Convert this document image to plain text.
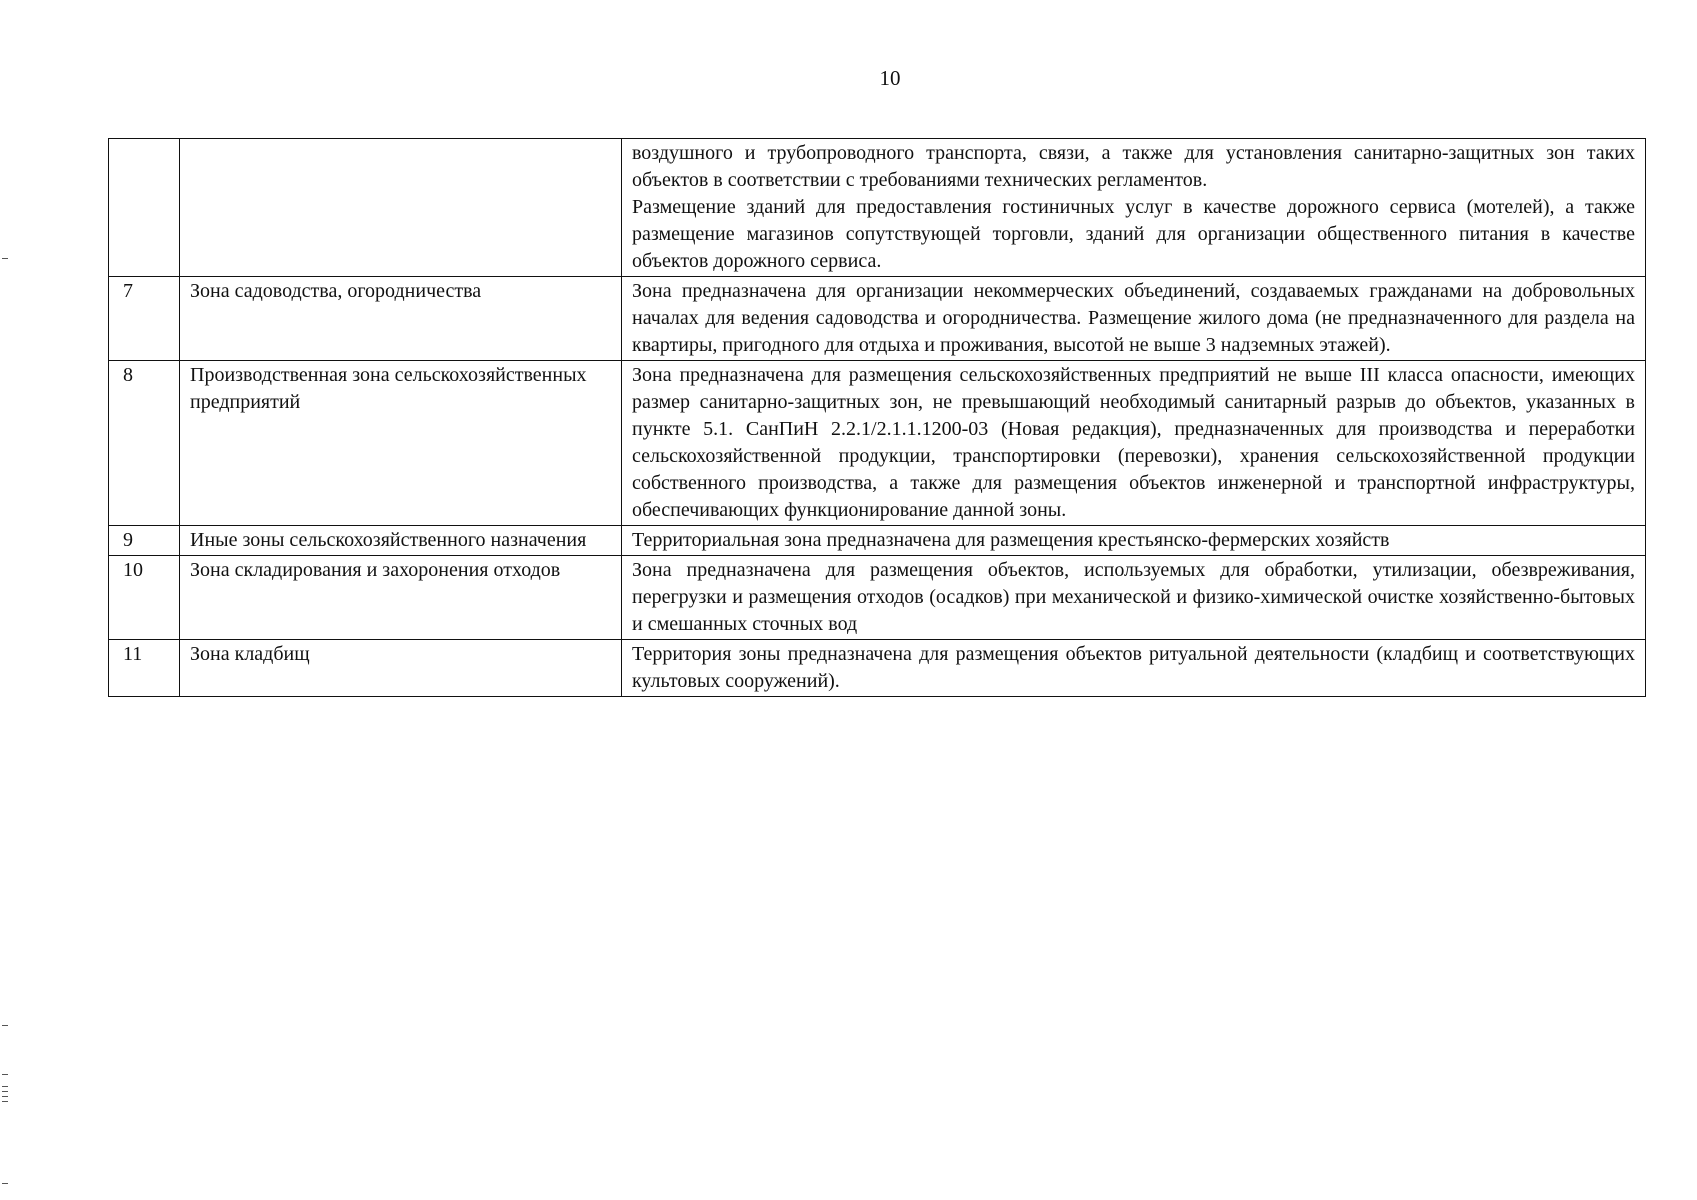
10

		воздушного и трубопроводного транспорта, связи, а также для установления санитарно-защитных зон таких объектов в соответствии с требованиями технических регламентов.

Размещение зданий для предоставления гостиничных услуг в качестве дорожного сервиса (мотелей), а также размещение магазинов сопутствующей торговли, зданий для организации общественного питания в качестве объектов дорожного сервиса.

7	Зона садоводства, огородничества	Зона предназначена для организации некоммерческих объединений, создаваемых гражданами на добровольных началах для ведения садоводства и огородничества. Размещение жилого дома (не предназначенного для раздела на квартиры, пригодного для отдыха и проживания, высотой не выше 3 надземных этажей).

8	Производственная зона сельскохозяйственных предприятий	Зона предназначена для размещения сельскохозяйственных предприятий не выше III класса опасности, имеющих размер санитарно-защитных зон, не превышающий необходимый санитарный разрыв до объектов, указанных в пункте 5.1. СанПиН 2.2.1/2.1.1.1200-03 (Новая редакция), предназначенных для производства и переработки сельскохозяйственной продукции, транспортировки (перевозки), хранения сельскохозяйственной продукции собственного производства, а также для размещения объектов инженерной и транспортной инфраструктуры, обеспечивающих функционирование данной зоны.

9	Иные зоны сельскохозяйственного назначения	Территориальная зона предназначена для размещения крестьянско-фермерских хозяйств

10	Зона складирования и захоронения отходов	Зона предназначена для размещения объектов, используемых для обработки, утилизации, обезвреживания, перегрузки и размещения отходов (осадков) при механической и физико-химической очистке хозяйственно-бытовых и смешанных сточных вод

11	Зона кладбищ	Территория зоны предназначена для размещения объектов ритуальной деятельности (кладбищ и соответствующих культовых сооружений).
